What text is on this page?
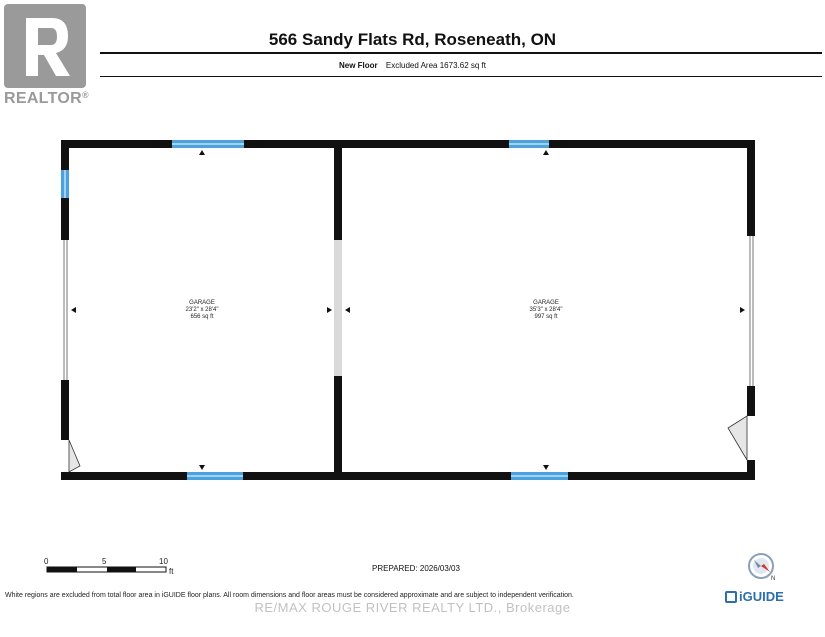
REALTOR®
566 Sandy Flats Rd, Roseneath, ON
New Floor Excluded Area 1673.62 sq ft
GARAGE
23'2" x 28'4"
656 sq ft
GARAGE
35'3" x 28'4"
997 sq ft
0	5	10
ft	PREPARED: 2026/03/03
N
White regions are excluded from total floor area in iGUIDE floor plans. All room dimensions and floor areas must be considered approximate and are subject to independent verification.	iGUIDE
RE/MAX ROUGE RIVER REALTY LTD., Brokerage
